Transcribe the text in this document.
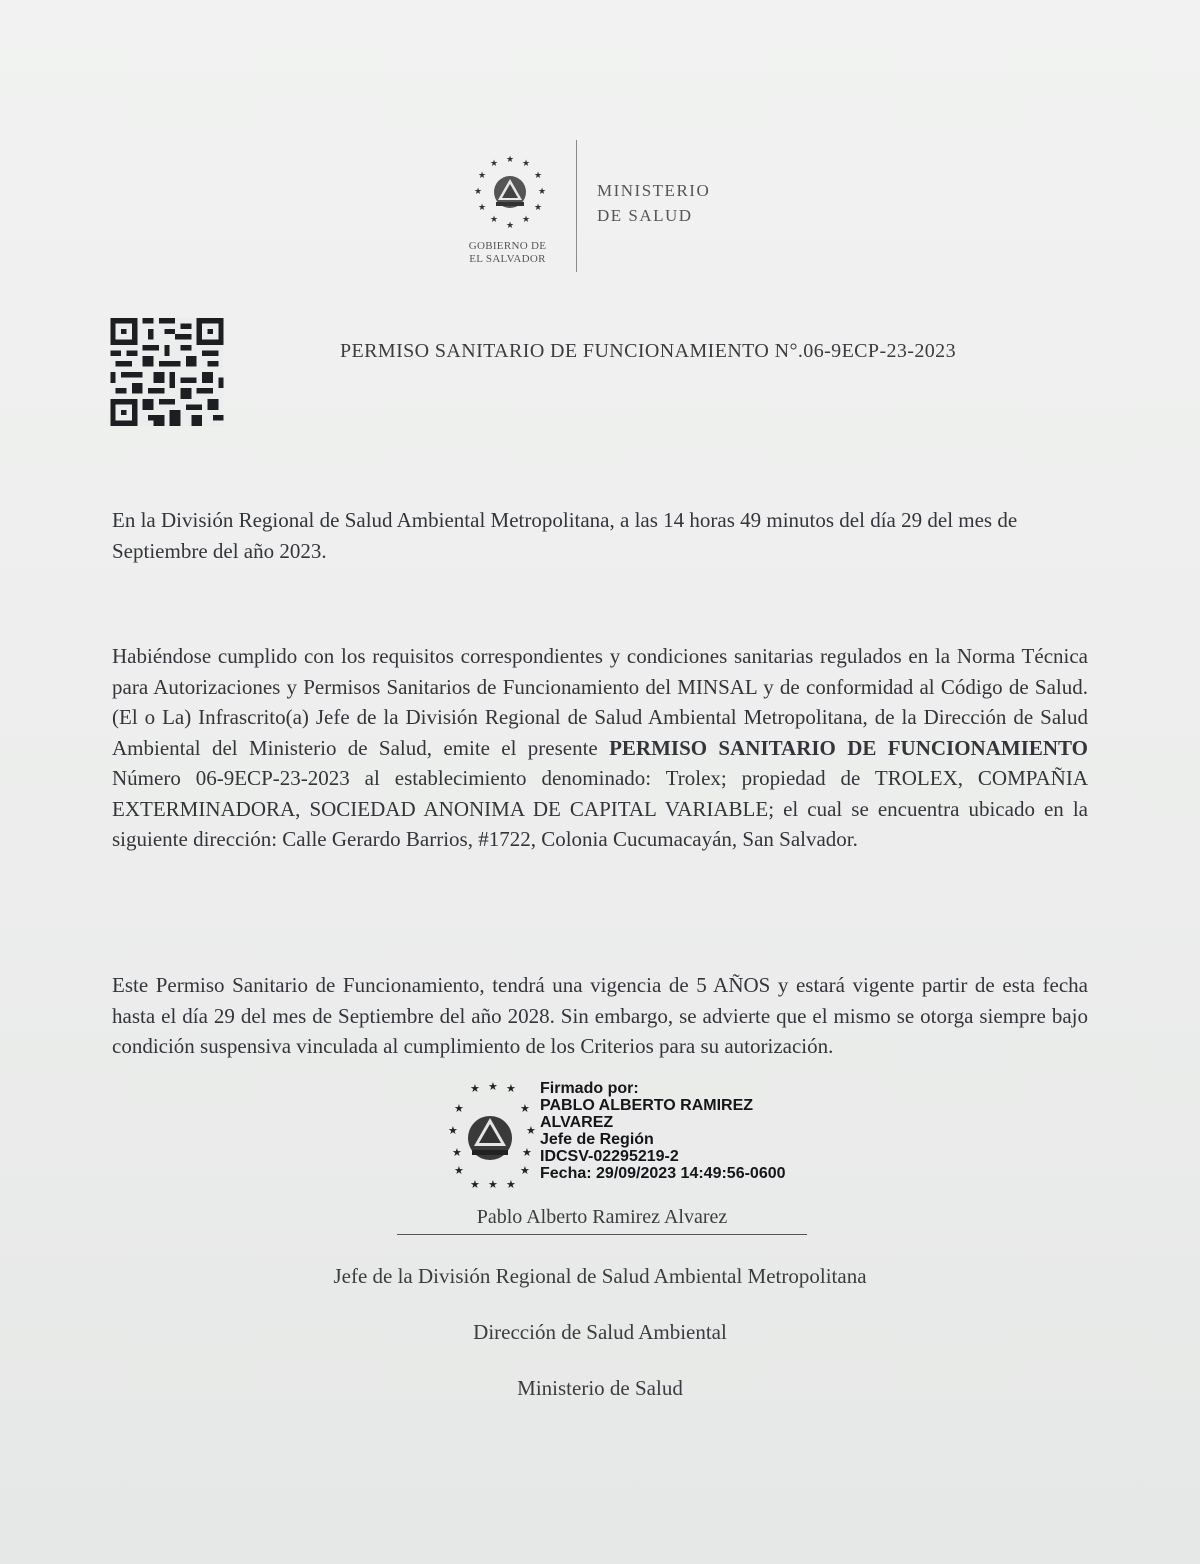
★ ★
★
★
★
★
★
★
★
★
★
★
GOBIERNO DE
EL SALVADOR
MINISTERIO
DE SALUD
PERMISO SANITARIO DE FUNCIONAMIENTO N°.06-9ECP-23-2023
En la División Regional de Salud Ambiental Metropolitana, a las 14 horas 49 minutos del día 29 del mes de Septiembre del año 2023.
Habiéndose cumplido con los requisitos correspondientes y condiciones sanitarias regulados en la Norma Técnica para Autorizaciones y Permisos Sanitarios de Funcionamiento del MINSAL y de conformidad al Código de Salud. (El o La) Infrascrito(a) Jefe de la División Regional de Salud Ambiental Metropolitana, de la Dirección de Salud Ambiental del Ministerio de Salud, emite el presente PERMISO SANITARIO DE FUNCIONAMIENTO Número 06-9ECP-23-2023 al establecimiento denominado: Trolex; propiedad de TROLEX, COMPAÑIA EXTERMINADORA, SOCIEDAD ANONIMA DE CAPITAL VARIABLE; el cual se encuentra ubicado en la siguiente dirección: Calle Gerardo Barrios, #1722, Colonia Cucumacayán, San Salvador.
Este Permiso Sanitario de Funcionamiento, tendrá una vigencia de 5 AÑOS y estará vigente partir de esta fecha hasta el día 29 del mes de Septiembre del año 2028. Sin embargo, se advierte que el mismo se otorga siempre bajo condición suspensiva vinculada al cumplimiento de los Criterios para su autorización.
★ ★ ★
★	★
★	★
★	★
★	★
★ ★ ★
Firmado por:
PABLO ALBERTO RAMIREZ
ALVAREZ
Jefe de Región
IDCSV-02295219-2
Fecha: 29/09/2023 14:49:56-0600
Pablo Alberto Ramirez Alvarez
Jefe de la División Regional de Salud Ambiental Metropolitana
Dirección de Salud Ambiental
Ministerio de Salud
